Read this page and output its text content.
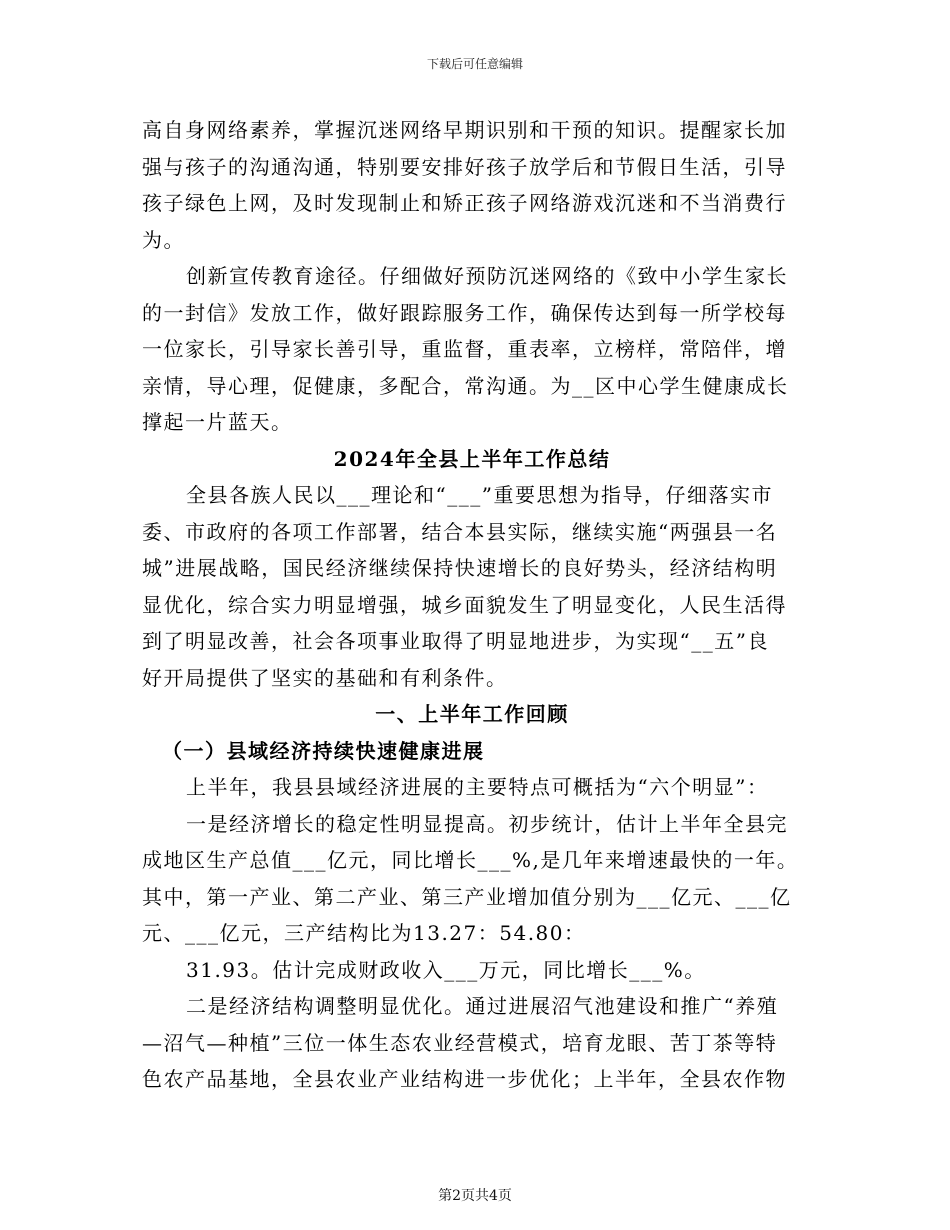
下载后可任意编辑
高自身网络素养，掌握沉迷网络早期识别和干预的知识。提醒家长加
强与孩子的沟通沟通，特别要安排好孩子放学后和节假日生活，引导
孩子绿色上网，及时发现制止和矫正孩子网络游戏沉迷和不当消费行
为。
创新宣传教育途径。仔细做好预防沉迷网络的《致中小学生家长
的一封信》发放工作，做好跟踪服务工作，确保传达到每一所学校每
一位家长，引导家长善引导，重监督，重表率，立榜样，常陪伴，增
亲情，导心理，促健康，多配合，常沟通。为__区中心学生健康成长
撑起一片蓝天。
2024年全县上半年工作总结
全县各族人民以___理论和“___”重要思想为指导，仔细落实市
委、市政府的各项工作部署，结合本县实际，继续实施“两强县一名
城”进展战略，国民经济继续保持快速增长的良好势头，经济结构明
显优化，综合实力明显增强，城乡面貌发生了明显变化，人民生活得
到了明显改善，社会各项事业取得了明显地进步，为实现“__五”良
好开局提供了坚实的基础和有利条件。
一、上半年工作回顾
（一）县域经济持续快速健康进展
上半年，我县县域经济进展的主要特点可概括为“六个明显”：
一是经济增长的稳定性明显提高。初步统计，估计上半年全县完
成地区生产总值___亿元，同比增长___%,是几年来增速最快的一年。
其中，第一产业、第二产业、第三产业增加值分别为___亿元、___亿
元、___亿元，三产结构比为13.27：54.80：
31.93。估计完成财政收入___万元，同比增长___%。
二是经济结构调整明显优化。通过进展沼气池建设和推广“养殖
—沼气—种植”三位一体生态农业经营模式，培育龙眼、苦丁茶等特
色农产品基地，全县农业产业结构进一步优化；上半年，全县农作物
第2页共4页
